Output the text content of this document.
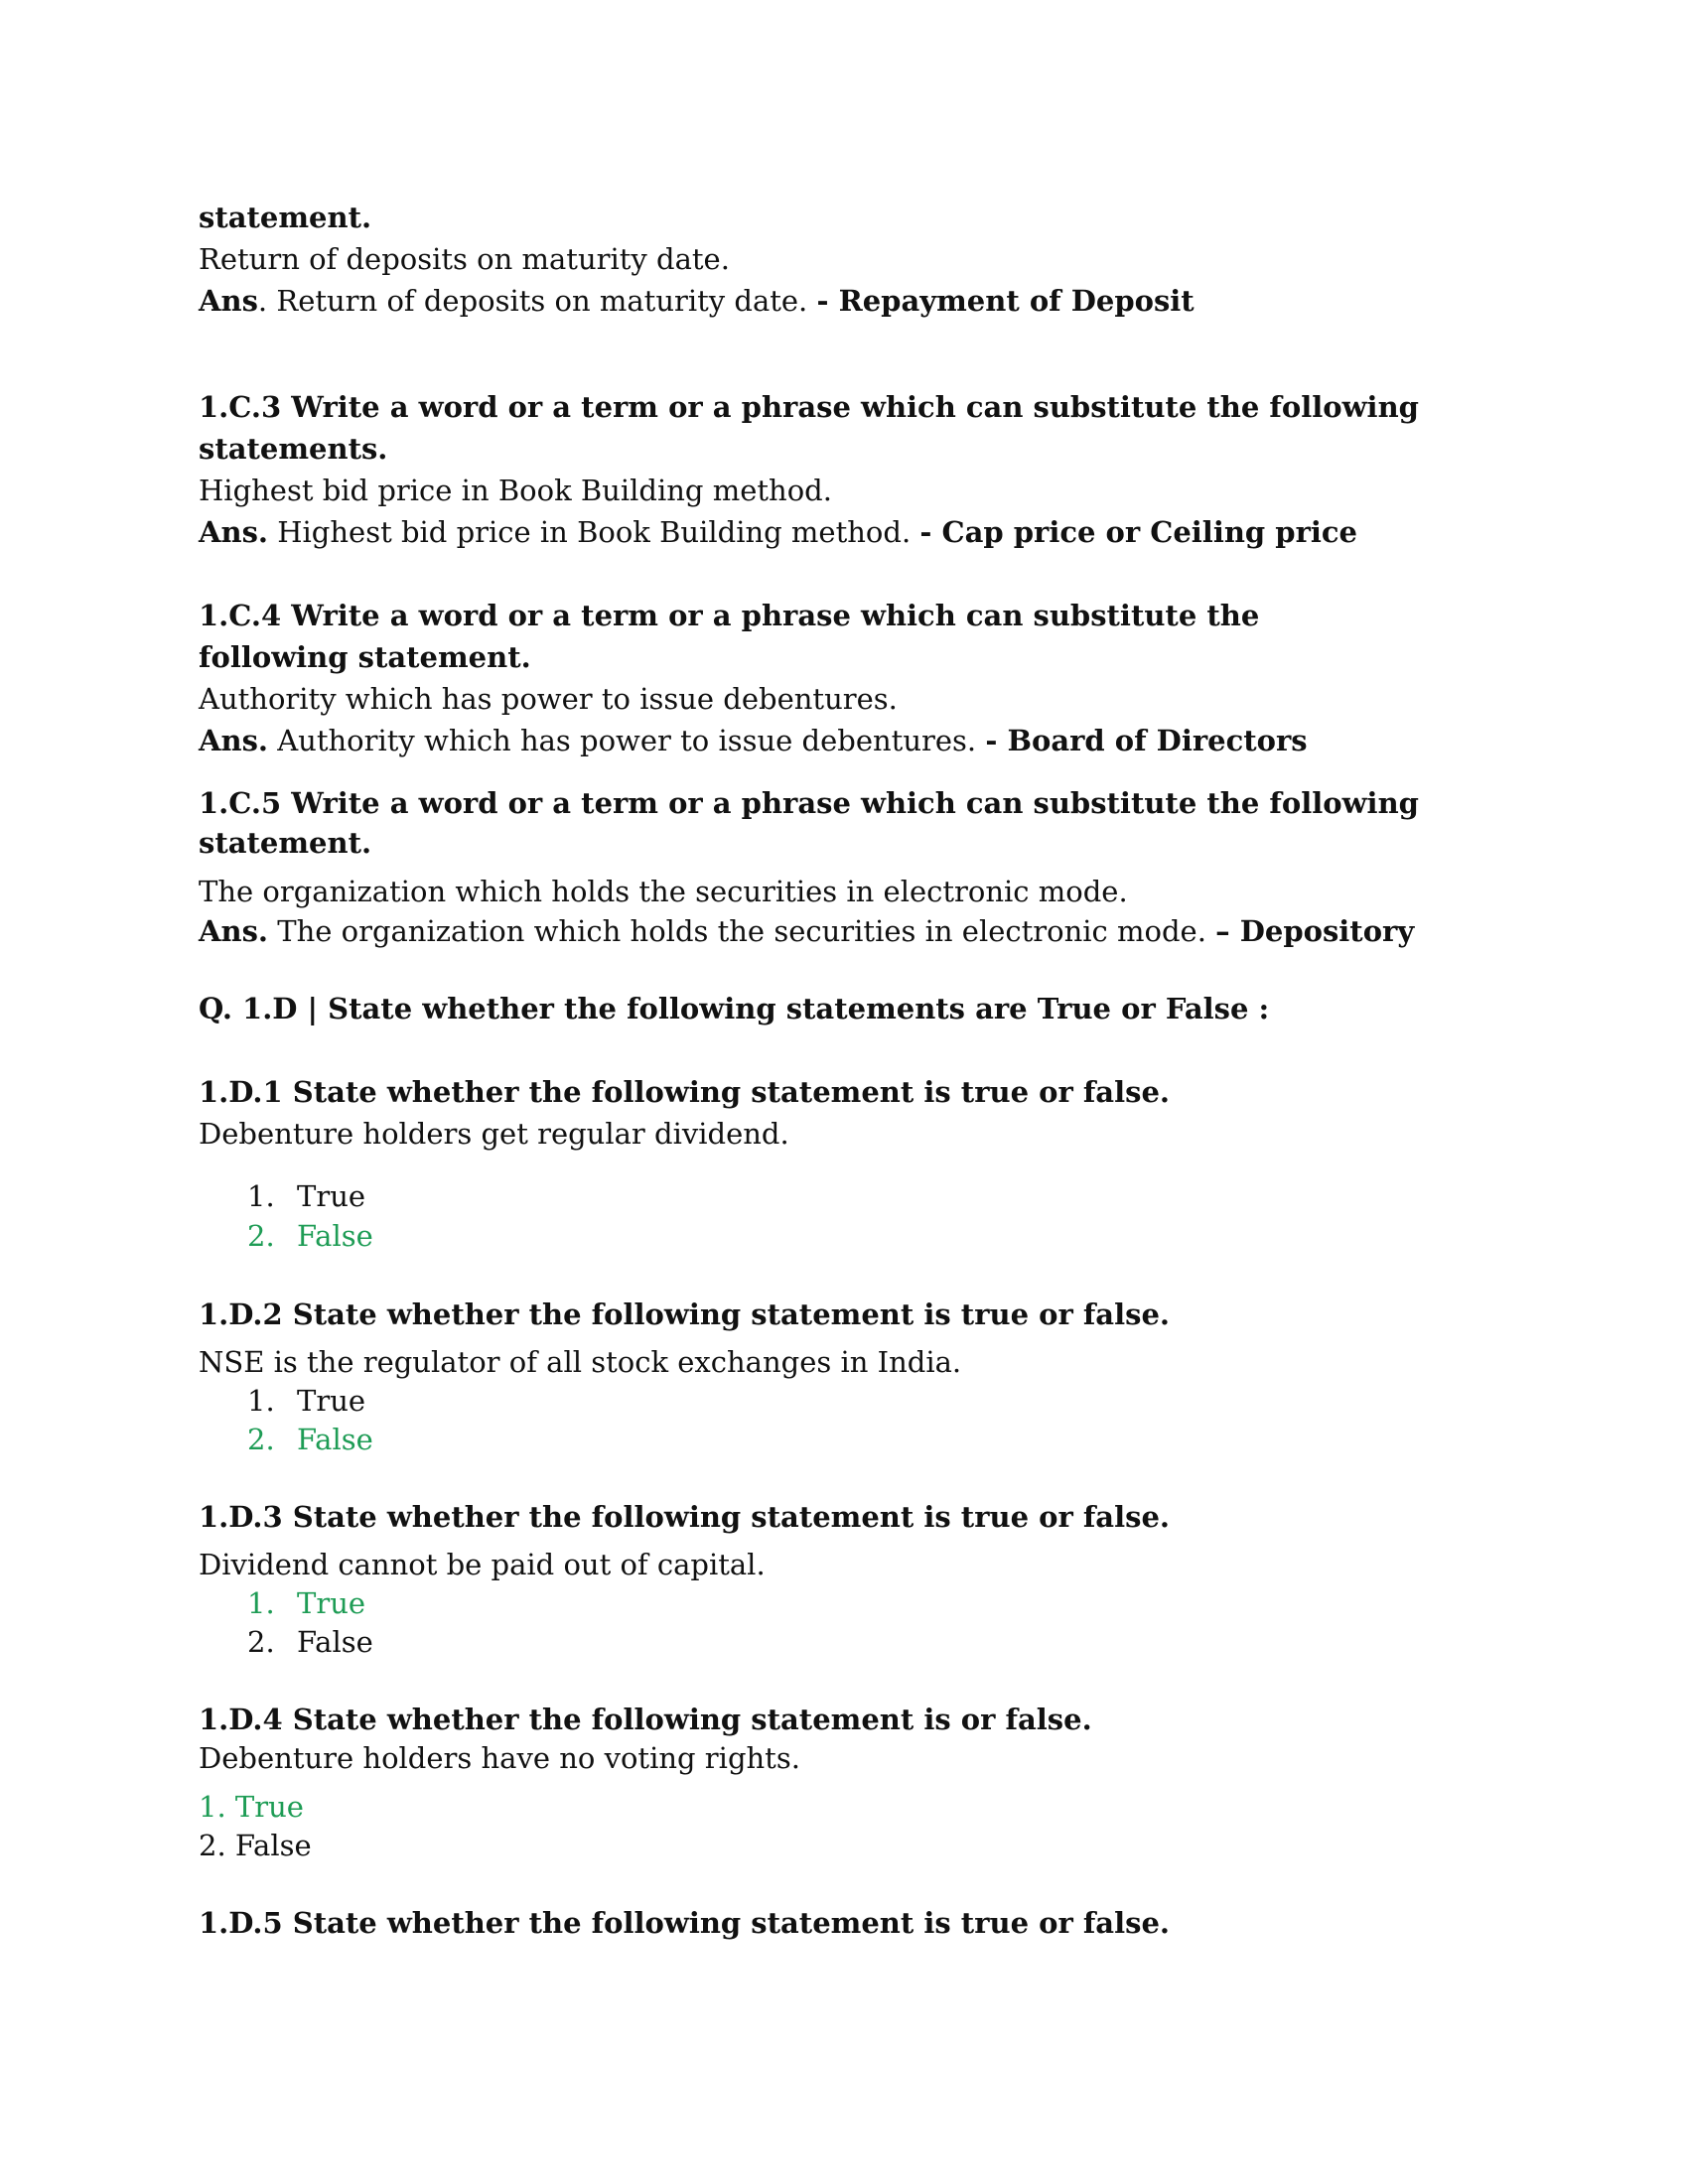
statement.
Return of deposits on maturity date.
Ans. Return of deposits on maturity date. - Repayment of Deposit
1.C.3 Write a word or a term or a phrase which can substitute the following
statements.
Highest bid price in Book Building method.
Ans. Highest bid price in Book Building method. - Cap price or Ceiling price
1.C.4 Write a word or a term or a phrase which can substitute the
following statement.
Authority which has power to issue debentures.
Ans. Authority which has power to issue debentures. - Board of Directors
1.C.5 Write a word or a term or a phrase which can substitute the following
statement.
The organization which holds the securities in electronic mode.
Ans. The organization which holds the securities in electronic mode. – Depository
Q. 1.D | State whether the following statements are True or False :
1.D.1 State whether the following statement is true or false.
Debenture holders get regular dividend.
1. True
2. False
1.D.2 State whether the following statement is true or false.
NSE is the regulator of all stock exchanges in India.
1. True
2. False
1.D.3 State whether the following statement is true or false.
Dividend cannot be paid out of capital.
1. True
2. False
1.D.4 State whether the following statement is or false.
Debenture holders have no voting rights.
1. True
2. False
1.D.5 State whether the following statement is true or false.
